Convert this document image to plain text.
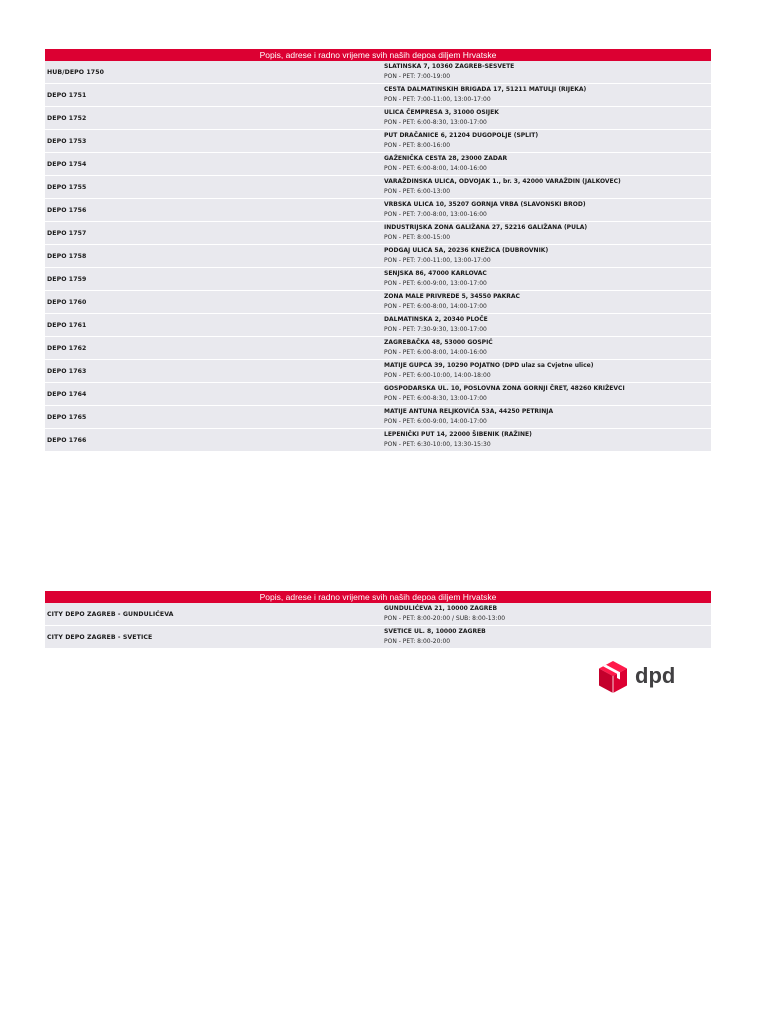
Popis, adrese i radno vrijeme svih naših depoa diljem Hrvatske
HUB/DEPO 1750
SLATINSKA 7, 10360 ZAGREB-SESVETE
PON - PET: 7:00-19:00
DEPO 1751
CESTA DALMATINSKIH BRIGADA 17, 51211 MATULJI (RIJEKA)
PON - PET: 7:00-11:00, 13:00-17:00
DEPO 1752
ULICA ČEMPRESA 3, 31000 OSIJEK
PON - PET: 6:00-8:30, 13:00-17:00
DEPO 1753
PUT DRAČANICE 6, 21204 DUGOPOLJE (SPLIT)
PON - PET: 8:00-16:00
DEPO 1754
GAŽENIČKA CESTA 28, 23000 ZADAR
PON - PET: 6:00-8:00, 14:00-16:00
DEPO 1755
VARAŽDINSKA ULICA, ODVOJAK 1., br. 3, 42000 VARAŽDIN (JALKOVEC)
PON - PET: 6:00-13:00
DEPO 1756
VRBSKA ULICA 10, 35207 GORNJA VRBA (SLAVONSKI BROD)
PON - PET: 7:00-8:00, 13:00-16:00
DEPO 1757
INDUSTRIJSKA ZONA GALIŽANA 27, 52216 GALIŽANA (PULA)
PON - PET: 8:00-15:00
DEPO 1758
PODGAJ ULICA 5A, 20236 KNEŽICA (DUBROVNIK)
PON - PET: 7:00-11:00, 13:00-17:00
DEPO 1759
SENJSKA 86, 47000 KARLOVAC
PON - PET: 6:00-9:00, 13:00-17:00
DEPO 1760
ZONA MALE PRIVREDE 5, 34550 PAKRAC
PON - PET: 6:00-8:00, 14:00-17:00
DEPO 1761
DALMATINSKA 2, 20340 PLOČE
PON - PET: 7:30-9:30, 13:00-17:00
DEPO 1762
ZAGREBAČKA 48, 53000 GOSPIĆ
PON - PET: 6:00-8:00, 14:00-16:00
DEPO 1763
MATIJE GUPCA 39, 10290 POJATNO (DPD ulaz sa Cvjetne ulice)
PON - PET: 6:00-10:00, 14:00-18:00
DEPO 1764
GOSPODARSKA UL. 10, POSLOVNA ZONA GORNJI ČRET, 48260 KRIŽEVCI
PON - PET: 6:00-8:30, 13:00-17:00
DEPO 1765
MATIJE ANTUNA RELJKOVIĆA 53A, 44250 PETRINJA
PON - PET: 6:00-9:00, 14:00-17:00
DEPO 1766
LEPENIČKI PUT 14, 22000 ŠIBENIK (RAŽINE)
PON - PET: 6:30-10:00, 13:30-15:30
Popis, adrese i radno vrijeme svih naših depoa diljem Hrvatske
CITY DEPO ZAGREB - GUNDULIĆEVA
GUNDULIĆEVA 21, 10000 ZAGREB
PON - PET: 8:00-20:00 / SUB: 8:00-13:00
CITY DEPO ZAGREB - SVETICE
SVETICE UL. 8, 10000 ZAGREB
PON - PET: 8:00-20:00
dpd
